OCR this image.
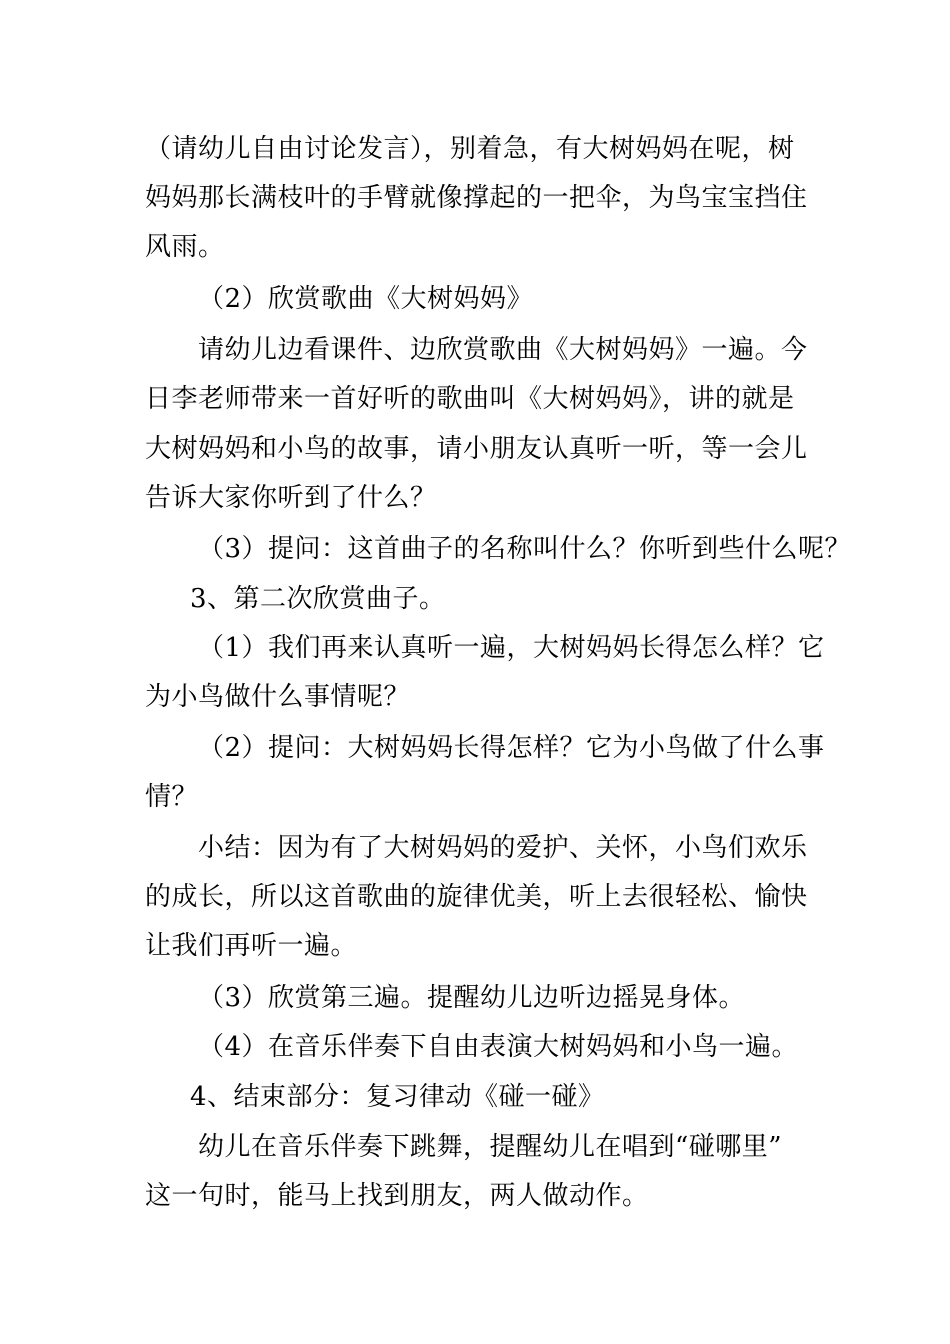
（请幼儿自由讨论发言），别着急，有大树妈妈在呢，树
妈妈那长满枝叶的手臂就像撑起的一把伞，为鸟宝宝挡住
风雨。
（2）欣赏歌曲《大树妈妈》
请幼儿边看课件、边欣赏歌曲《大树妈妈》一遍。今
日李老师带来一首好听的歌曲叫《大树妈妈》，讲的就是
大树妈妈和小鸟的故事，请小朋友认真听一听，等一会儿
告诉大家你听到了什么？
（3）提问：这首曲子的名称叫什么？你听到些什么呢？
3、第二次欣赏曲子。
（1）我们再来认真听一遍，大树妈妈长得怎么样？它
为小鸟做什么事情呢？
（2）提问：大树妈妈长得怎样？它为小鸟做了什么事
情？
小结：因为有了大树妈妈的爱护、关怀，小鸟们欢乐
的成长，所以这首歌曲的旋律优美，听上去很轻松、愉快
让我们再听一遍。
（3）欣赏第三遍。提醒幼儿边听边摇晃身体。
（4）在音乐伴奏下自由表演大树妈妈和小鸟一遍。
4、结束部分：复习律动《碰一碰》
幼儿在音乐伴奏下跳舞，提醒幼儿在唱到“碰哪里”
这一句时，能马上找到朋友，两人做动作。
